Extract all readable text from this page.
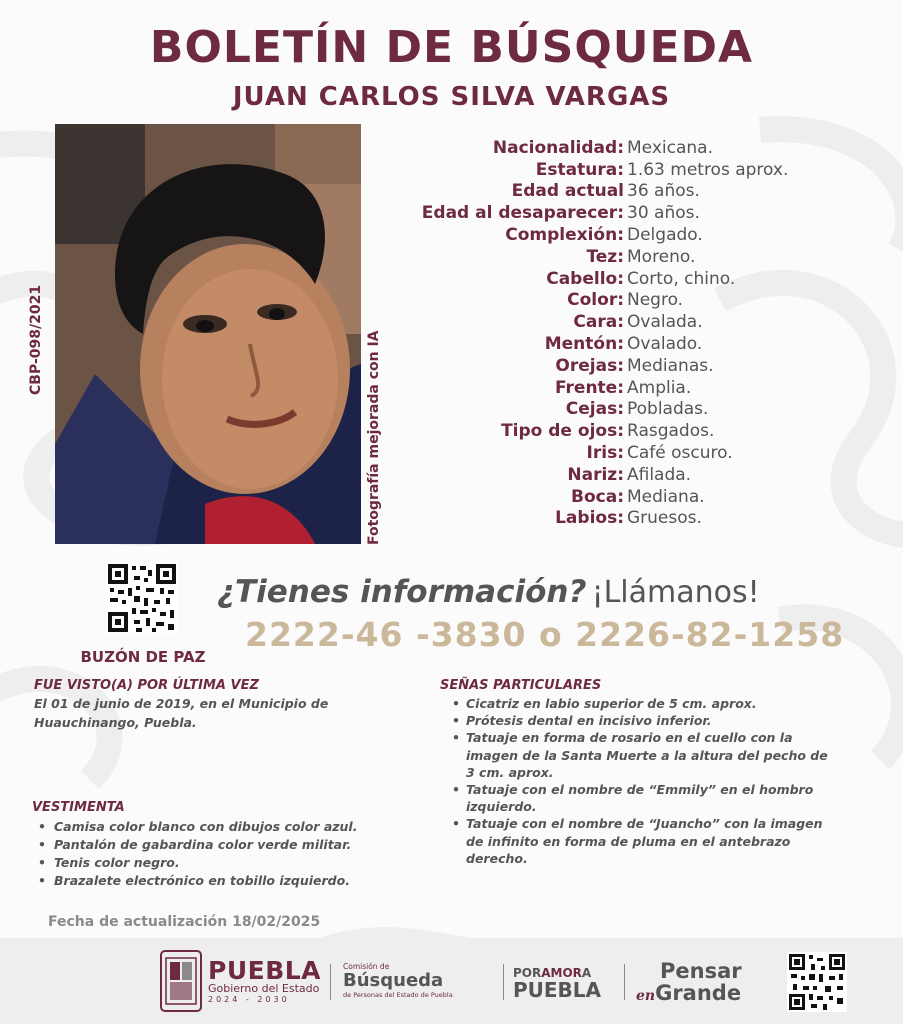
BOLETÍN DE BÚSQUEDA
JUAN CARLOS SILVA VARGAS
CBP-098/2021	Fotografía mejorada con IA
Nacionalidad: Mexicana.
Estatura: 1.63 metros aprox.
Edad actual 36 años.
Edad al desaparecer: 30 años.
Complexión: Delgado.
Tez: Moreno.
Cabello: Corto, chino.
Color: Negro.
Cara: Ovalada.
Mentón: Ovalado.
Orejas: Medianas.
Frente: Amplia.
Cejas: Pobladas.
Tipo de ojos: Rasgados.
Iris: Café oscuro.
Nariz: Afilada.
Boca: Mediana.
Labios: Gruesos.
BUZÓN DE PAZ
¿Tienes información? ¡Llámanos!
2222-46 -3830 o 2226-82-1258
FUE VISTO(A) POR ÚLTIMA VEZ
El 01 de junio de 2019, en el Municipio de
Huauchinango, Puebla.
VESTIMENTA
• Camisa color blanco con dibujos color azul.
• Pantalón de gabardina color verde militar.
• Tenis color negro.
• Brazalete electrónico en tobillo izquierdo.
SEÑAS PARTICULARES
• Cicatriz en labio superior de 5 cm. aprox.
• Prótesis dental en incisivo inferior.
• Tatuaje en forma de rosario en el cuello con la
imagen de la Santa Muerte a la altura del pecho de
3 cm. aprox.
• Tatuaje con el nombre de “Emmily” en el hombro
izquierdo.
• Tatuaje con el nombre de “Juancho” con la imagen
de infinito en forma de pluma en el antebrazo
derecho.
Fecha de actualización 18/02/2025
PUEBLA
Gobierno del Estado
2024 - 2030
Comisión de
Búsqueda
de Personas del Estado de Puebla
PORAMORA
PUEBLA
Pensar
enGrande
